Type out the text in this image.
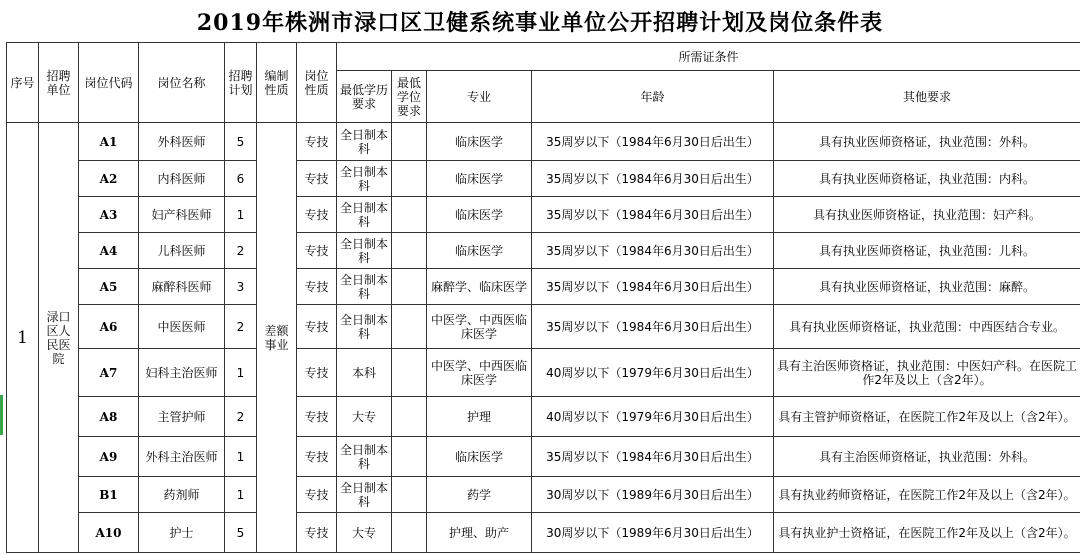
2019年株洲市渌口区卫健系统事业单位公开招聘计划及岗位条件表
序号	招聘单位	岗位代码	岗位名称	招聘计划	编制性质	岗位性质	所需证条件				
							最低学历要求	最低学位要求	专业	年龄	其他要求
1	渌口区人民医院	A1	外科医师	5	差额事业	专技	全日制本科		临床医学	35周岁以下（1984年6月30日后出生）	具有执业医师资格证，执业范围：外科。
		A2	内科医师	6		专技	全日制本科		临床医学	35周岁以下（1984年6月30日后出生）	具有执业医师资格证，执业范围：内科。
		A3	妇产科医师	1		专技	全日制本科		临床医学	35周岁以下（1984年6月30日后出生）	具有执业医师资格证，执业范围：妇产科。
		A4	儿科医师	2		专技	全日制本科		临床医学	35周岁以下（1984年6月30日后出生）	具有执业医师资格证，执业范围：儿科。
		A5	麻醉科医师	3		专技	全日制本科		麻醉学、临床医学	35周岁以下（1984年6月30日后出生）	具有执业医师资格证，执业范围：麻醉。
		A6	中医医师	2		专技	全日制本科		中医学、中西医临床医学	35周岁以下（1984年6月30日后出生）	具有执业医师资格证，执业范围：中西医结合专业。
		A7	妇科主治医师	1		专技	本科		中医学、中西医临床医学	40周岁以下（1979年6月30日后出生）	具有主治医师资格证，执业范围：中医妇产科。在医院工作2年及以上（含2年）。
		A8	主管护师	2		专技	大专		护理	40周岁以下（1979年6月30日后出生）	具有主管护师资格证，在医院工作2年及以上（含2年）。
		A9	外科主治医师	1		专技	全日制本科		临床医学	35周岁以下（1984年6月30日后出生）	具有主治医师资格证，执业范围：外科。
		B1	药剂师	1		专技	全日制本科		药学	30周岁以下（1989年6月30日后出生）	具有执业药师资格证，在医院工作2年及以上（含2年）。
		A10	护士	5		专技	大专		护理、助产	30周岁以下（1989年6月30日后出生）	具有执业护士资格证，在医院工作2年及以上（含2年）。
